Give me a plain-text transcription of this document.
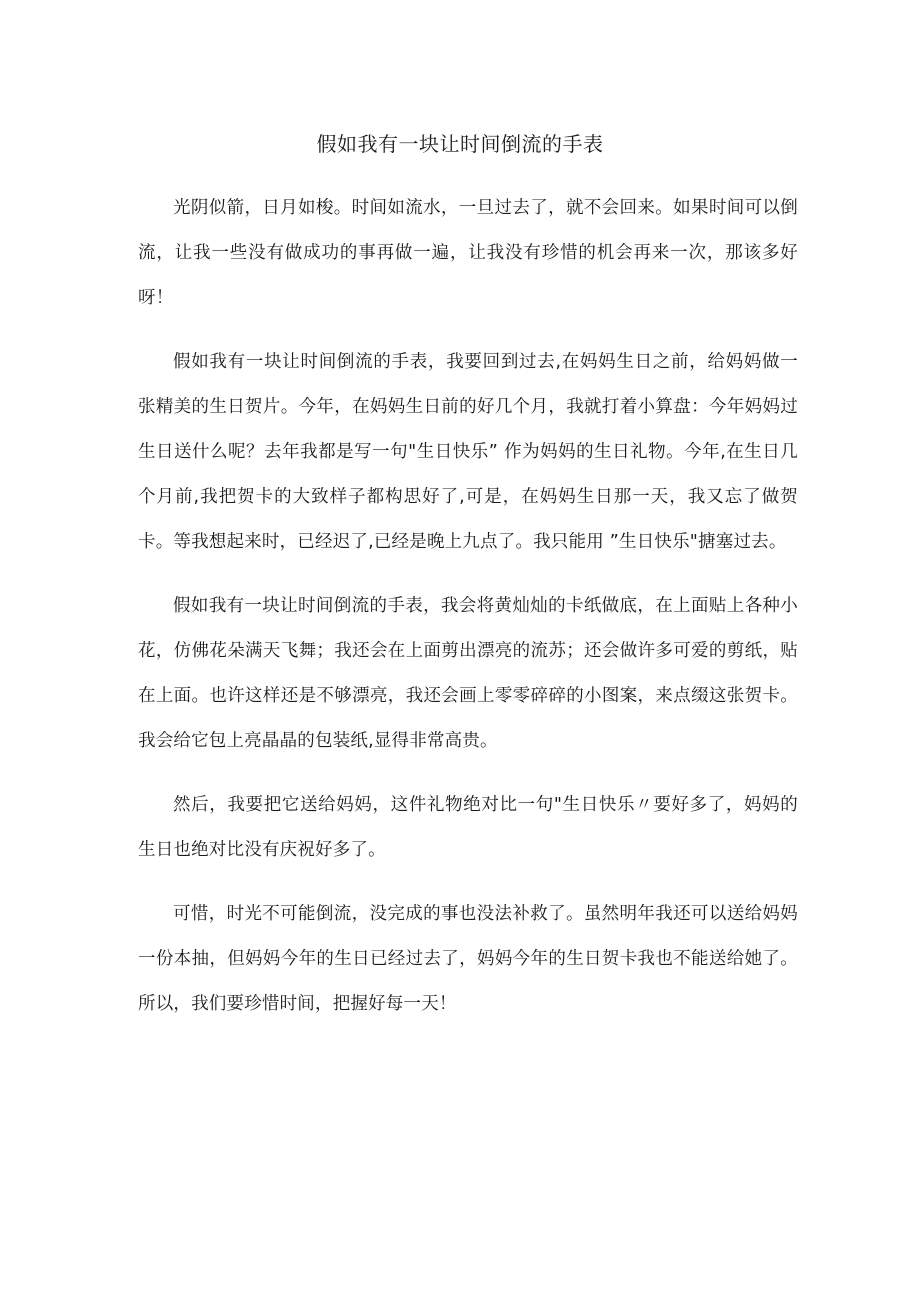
假如我有一块让时间倒流的手表

光阴似箭，日月如梭。时间如流水，一旦过去了，就不会回来。如果时间可以倒流，让我一些没有做成功的事再做一遍，让我没有珍惜的机会再来一次，那该多好呀！

假如我有一块让时间倒流的手表，我要回到过去,在妈妈生日之前，给妈妈做一张精美的生日贺片。今年，在妈妈生日前的好几个月，我就打着小算盘：今年妈妈过生日送什么呢？去年我都是写一句"生日快乐” 作为妈妈的生日礼物。今年,在生日几个月前,我把贺卡的大致样子都构思好了,可是，在妈妈生日那一天，我又忘了做贺卡。等我想起来时，已经迟了,已经是晚上九点了。我只能用 ”生日快乐"搪塞过去。

假如我有一块让时间倒流的手表，我会将黄灿灿的卡纸做底，在上面贴上各种小花，仿佛花朵满天飞舞；我还会在上面剪出漂亮的流苏；还会做许多可爱的剪纸，贴在上面。也许这样还是不够漂亮，我还会画上零零碎碎的小图案，来点缀这张贺卡。我会给它包上亮晶晶的包装纸,显得非常高贵。

然后，我要把它送给妈妈，这件礼物绝对比一句"生日快乐〃要好多了，妈妈的生日也绝对比没有庆祝好多了。

可惜，时光不可能倒流，没完成的事也没法补救了。虽然明年我还可以送给妈妈一份本抽，但妈妈今年的生日已经过去了，妈妈今年的生日贺卡我也不能送给她了。所以，我们要珍惜时间，把握好每一天！
